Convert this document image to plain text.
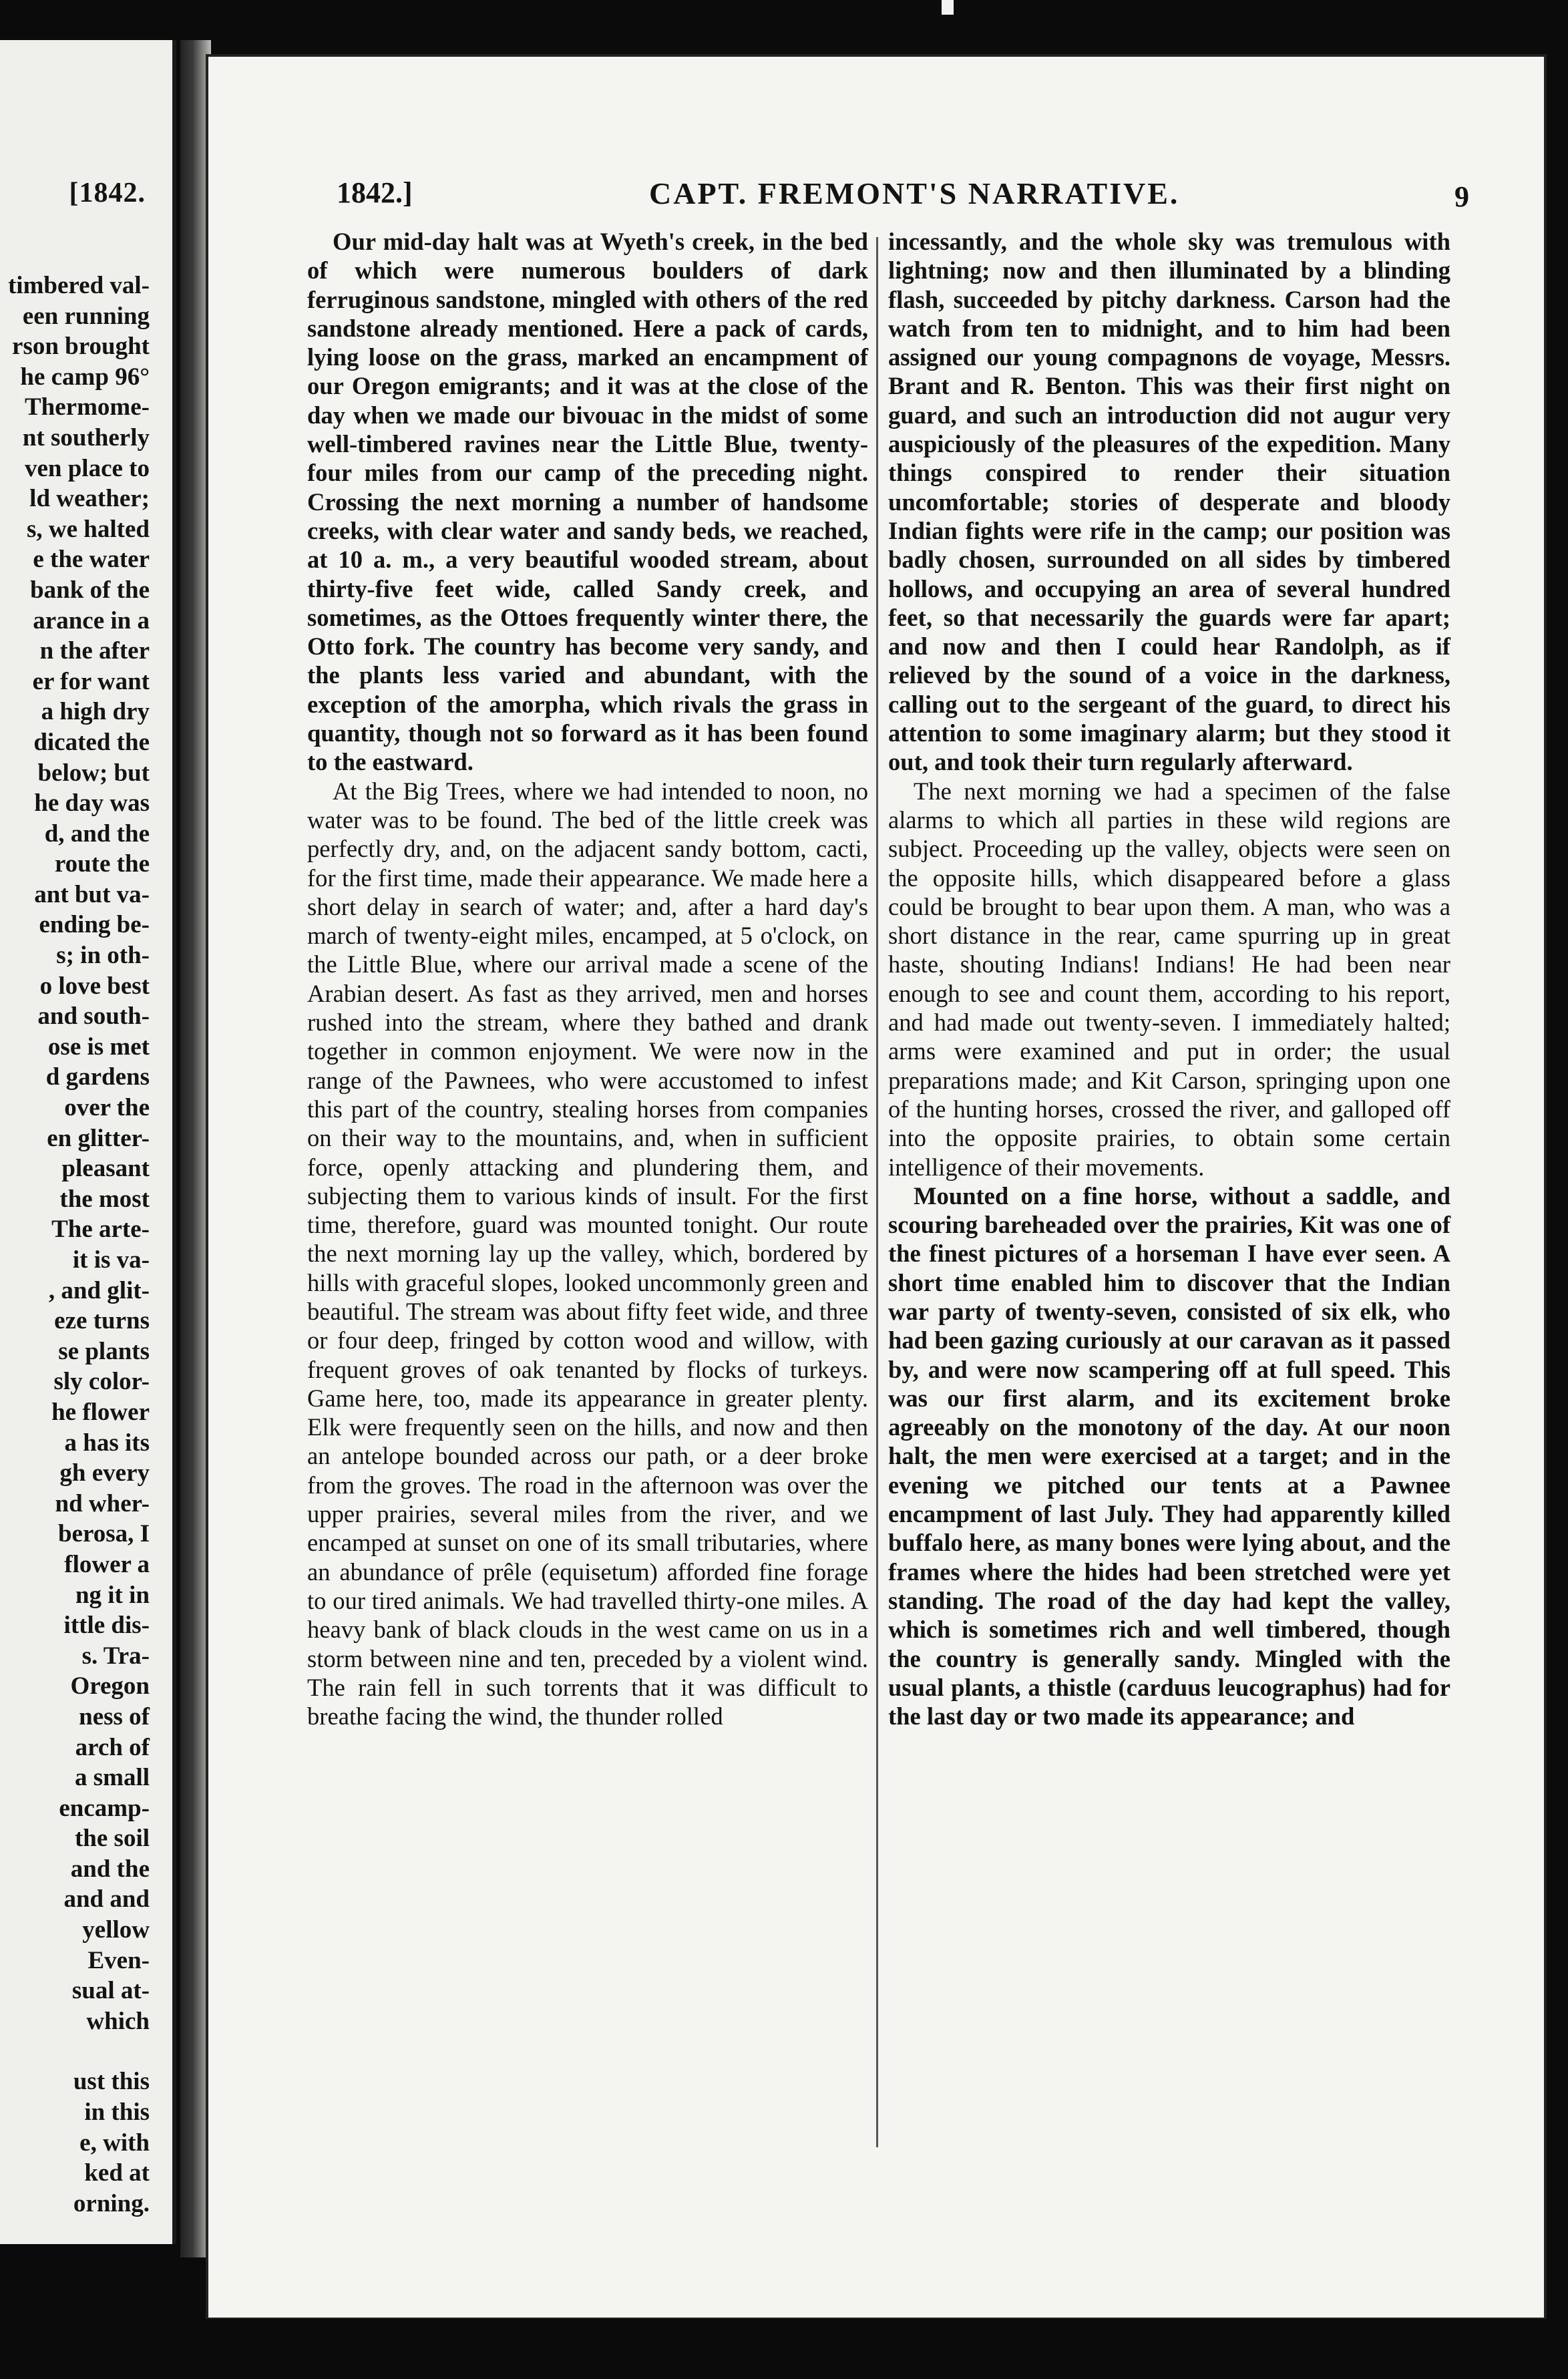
[1842.
timbered val-
een running
rson brought
he camp 96°
Thermome-
nt southerly
ven place to
ld weather;
s, we halted
e the water
bank of the
arance in a
n the after
er for want
a high dry
dicated the
below; but
he day was
d, and the
route the
ant but va-
ending be-
s; in oth-
o love best
and south-
ose is met
d gardens
over the
en glitter-
pleasant
the most
The arte-
it is va-
, and glit-
eze turns
se plants
sly color-
he flower
a has its
gh every
nd wher-
berosa, I
flower a
ng it in
ittle dis-
s. Tra-
Oregon
ness of
arch of
a small
encamp-
the soil
and the
and and
yellow
Even-
sual at-
which
ust this
in this
e, with
ked at
orning.
1842.]	CAPT. FREMONT'S NARRATIVE.	9

Our mid-day halt was at Wyeth's creek, in the bed of which were numerous boulders of dark ferruginous sandstone, mingled with others of the red sandstone already mentioned. Here a pack of cards, lying loose on the grass, marked an encampment of our Oregon emigrants; and it was at the close of the day when we made our bivouac in the midst of some well-timbered ravines near the Little Blue, twenty-four miles from our camp of the preceding night. Crossing the next morning a number of handsome creeks, with clear water and sandy beds, we reached, at 10 a. m., a very beautiful wooded stream, about thirty-five feet wide, called Sandy creek, and sometimes, as the Ottoes frequently winter there, the Otto fork. The country has become very sandy, and the plants less varied and abundant, with the exception of the amorpha, which rivals the grass in quantity, though not so forward as it has been found to the eastward.

At the Big Trees, where we had intended to noon, no water was to be found. The bed of the little creek was perfectly dry, and, on the adjacent sandy bottom, cacti, for the first time, made their appearance. We made here a short delay in search of water; and, after a hard day's march of twenty-eight miles, encamped, at 5 o'clock, on the Little Blue, where our arrival made a scene of the Arabian desert. As fast as they arrived, men and horses rushed into the stream, where they bathed and drank together in common enjoyment. We were now in the range of the Pawnees, who were accustomed to infest this part of the country, stealing horses from companies on their way to the mountains, and, when in sufficient force, openly attacking and plundering them, and subjecting them to various kinds of insult. For the first time, therefore, guard was mounted tonight. Our route the next morning lay up the valley, which, bordered by hills with graceful slopes, looked uncommonly green and beautiful. The stream was about fifty feet wide, and three or four deep, fringed by cotton wood and willow, with frequent groves of oak tenanted by flocks of turkeys. Game here, too, made its appearance in greater plenty. Elk were frequently seen on the hills, and now and then an antelope bounded across our path, or a deer broke from the groves. The road in the afternoon was over the upper prairies, several miles from the river, and we encamped at sunset on one of its small tributaries, where an abundance of prêle (equisetum) afforded fine forage to our tired animals. We had travelled thirty-one miles. A heavy bank of black clouds in the west came on us in a storm between nine and ten, preceded by a violent wind. The rain fell in such torrents that it was difficult to breathe facing the wind, the thunder rolled

incessantly, and the whole sky was tremulous with lightning; now and then illuminated by a blinding flash, succeeded by pitchy darkness. Carson had the watch from ten to midnight, and to him had been assigned our young compagnons de voyage, Messrs. Brant and R. Benton. This was their first night on guard, and such an introduction did not augur very auspiciously of the pleasures of the expedition. Many things conspired to render their situation uncomfortable; stories of desperate and bloody Indian fights were rife in the camp; our position was badly chosen, surrounded on all sides by timbered hollows, and occupying an area of several hundred feet, so that necessarily the guards were far apart; and now and then I could hear Randolph, as if relieved by the sound of a voice in the darkness, calling out to the sergeant of the guard, to direct his attention to some imaginary alarm; but they stood it out, and took their turn regularly afterward.

The next morning we had a specimen of the false alarms to which all parties in these wild regions are subject. Proceeding up the valley, objects were seen on the opposite hills, which disappeared before a glass could be brought to bear upon them. A man, who was a short distance in the rear, came spurring up in great haste, shouting Indians! Indians! He had been near enough to see and count them, according to his report, and had made out twenty-seven. I immediately halted; arms were examined and put in order; the usual preparations made; and Kit Carson, springing upon one of the hunting horses, crossed the river, and galloped off into the opposite prairies, to obtain some certain intelligence of their movements.

Mounted on a fine horse, without a saddle, and scouring bareheaded over the prairies, Kit was one of the finest pictures of a horseman I have ever seen. A short time enabled him to discover that the Indian war party of twenty-seven, consisted of six elk, who had been gazing curiously at our caravan as it passed by, and were now scampering off at full speed. This was our first alarm, and its excitement broke agreeably on the monotony of the day. At our noon halt, the men were exercised at a target; and in the evening we pitched our tents at a Pawnee encampment of last July. They had apparently killed buffalo here, as many bones were lying about, and the frames where the hides had been stretched were yet standing. The road of the day had kept the valley, which is sometimes rich and well timbered, though the country is generally sandy. Mingled with the usual plants, a thistle (carduus leucographus) had for the last day or two made its appearance; and
